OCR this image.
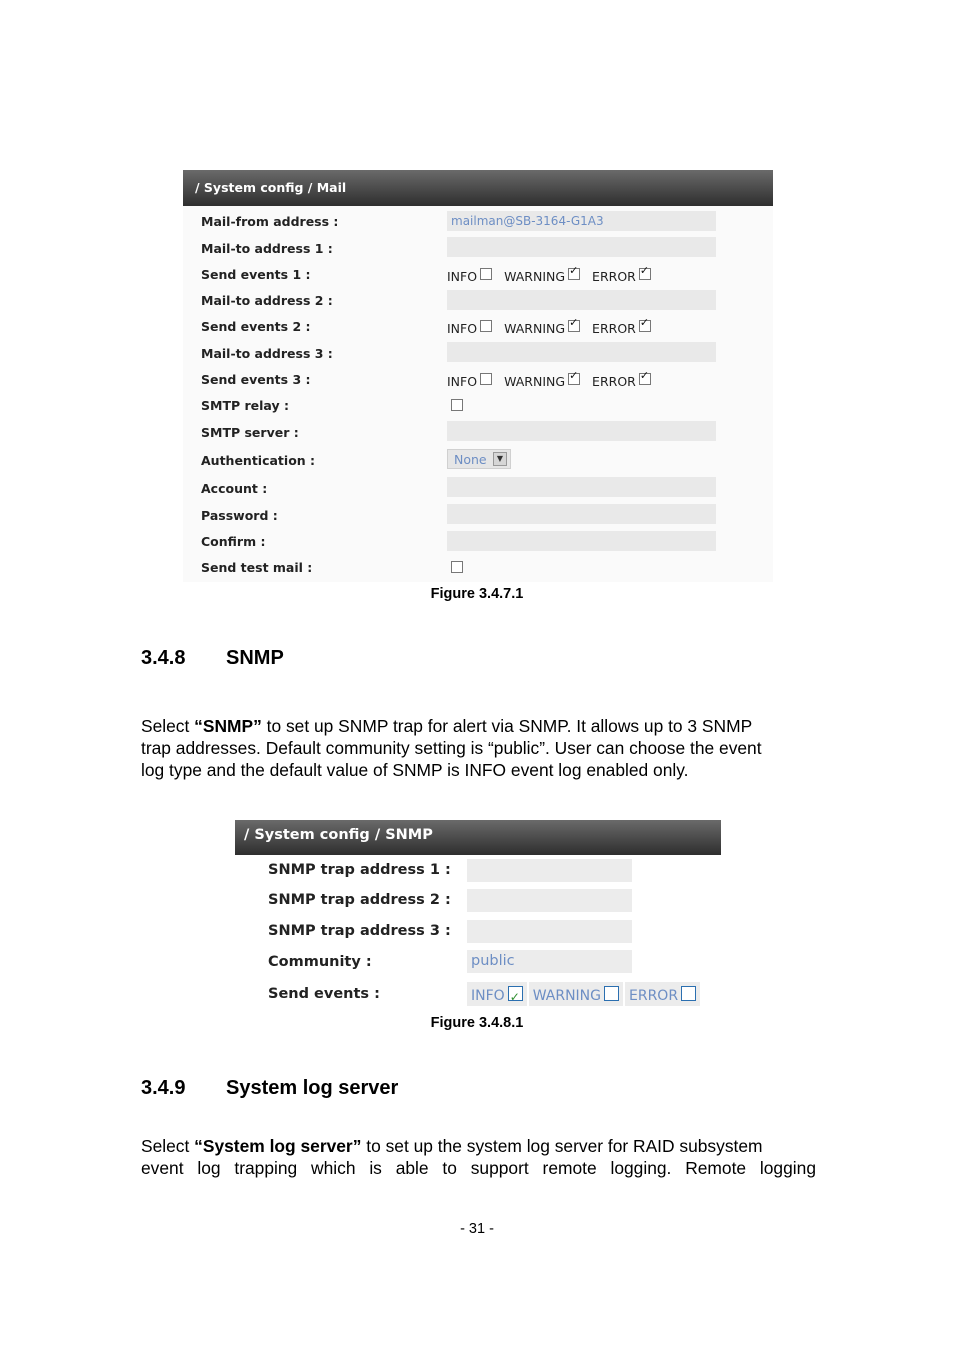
/ System config / Mail
Mail-from address :	mailman@SB-3164-G1A3
Mail-to address 1 :
Send events 1 :	INFO WARNING ✓ ERROR✓
Mail-to address 2 :
Send events 2 :	INFO WARNING ✓ ERROR✓
Mail-to address 3 :
Send events 3 :	INFO WARNING ✓ ERROR✓
SMTP relay :
SMTP server :
Authentication :	None	▼
Account :
Password :
Confirm :
Send test mail :
Figure 3.4.7.1
3.4.8 SNMP
Select “SNMP” to set up SNMP trap for alert via SNMP. It allows up to 3 SNMP
trap addresses. Default community setting is “public”. User can choose the event
log type and the default value of SNMP is INFO event log enabled only.
/ System config / SNMP
SNMP trap address 1 :
SNMP trap address 2 :
SNMP trap address 3 :
Community :	public
Send events :	INFO ✓ WARNING ERROR
Figure 3.4.8.1
3.4.9 System log server
Select “System log server” to set up the system log server for RAID subsystem
event log trapping which is able to support remote logging. Remote logging
- 31 -
